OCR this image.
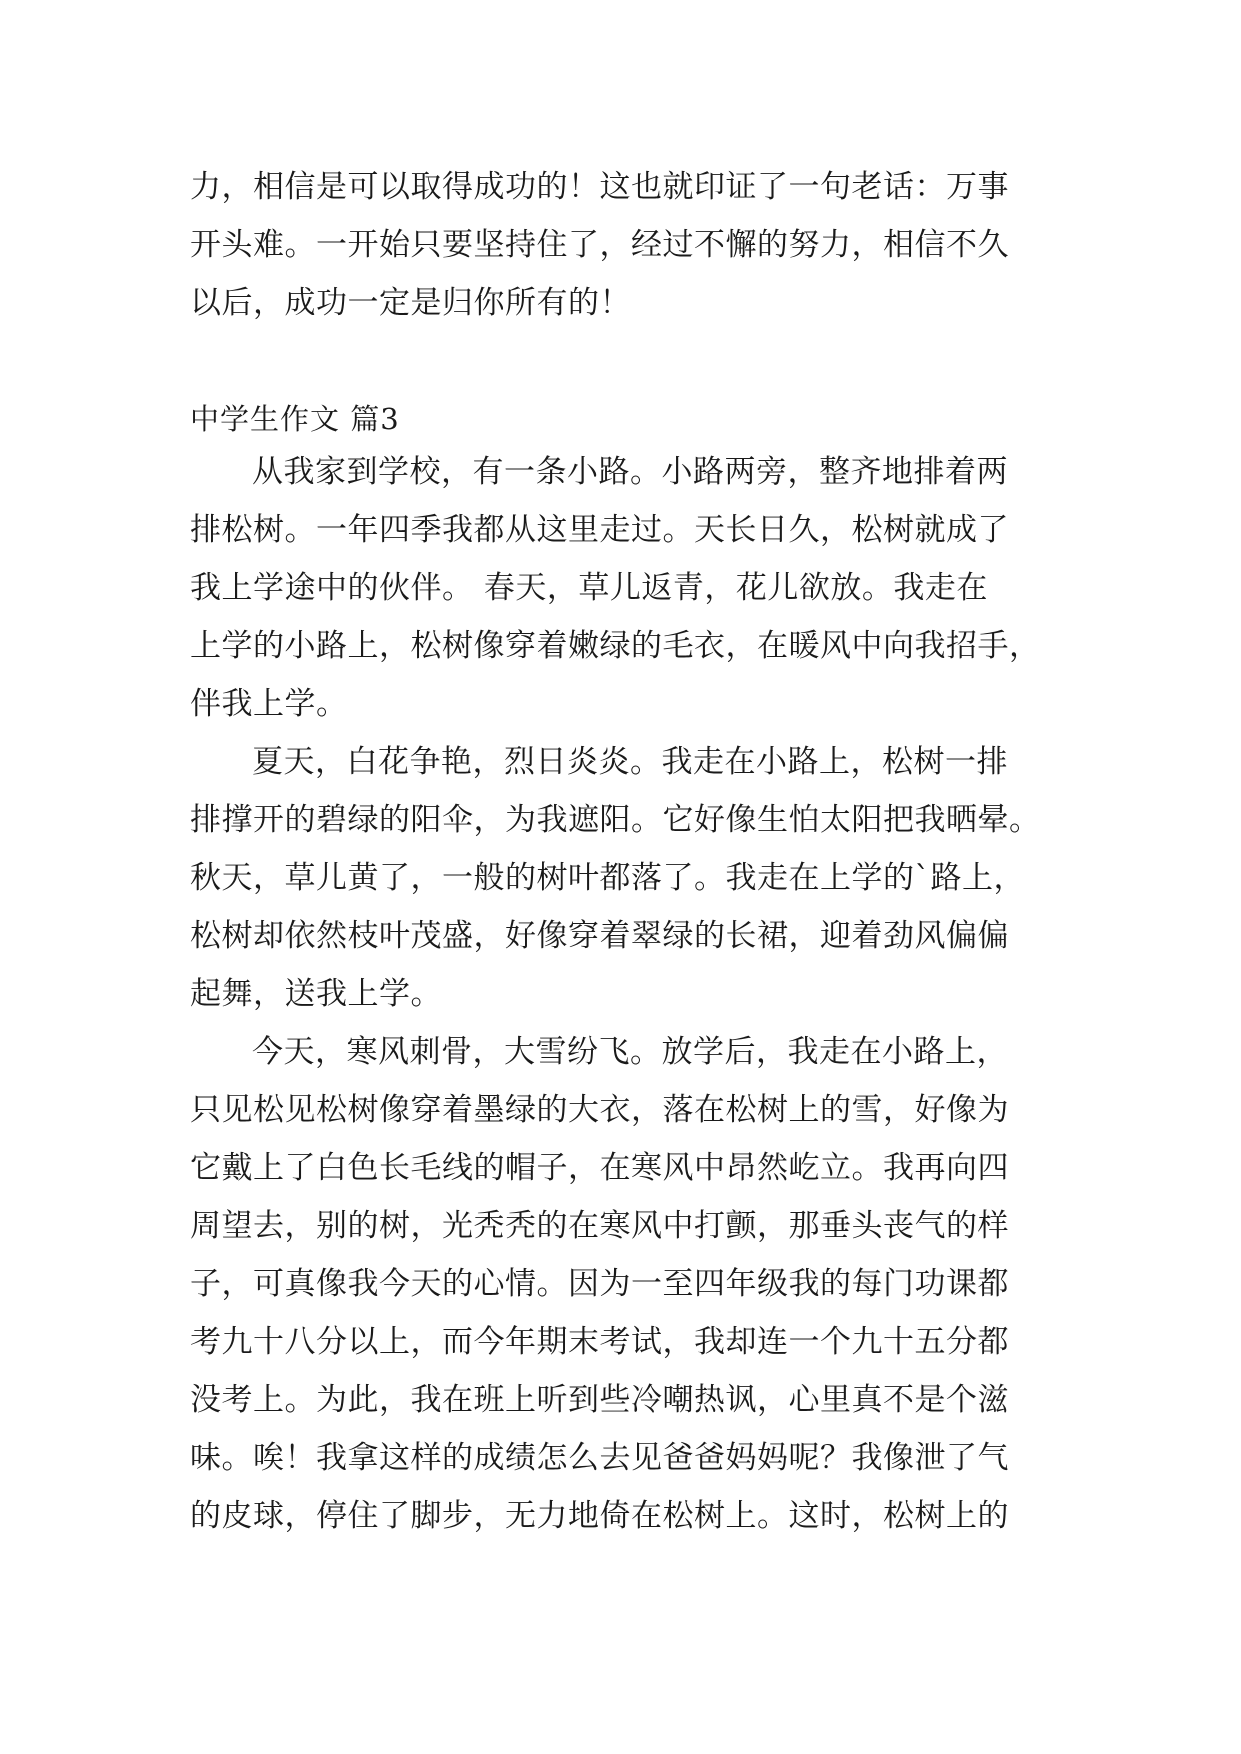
力，相信是可以取得成功的！这也就印证了一句老话：万事
开头难。一开始只要坚持住了，经过不懈的努力，相信不久
以后，成功一定是归你所有的！
中学生作文 篇3
从我家到学校，有一条小路。小路两旁，整齐地排着两
排松树。一年四季我都从这里走过。天长日久，松树就成了
我上学途中的伙伴。 春天，草儿返青，花儿欲放。我走在
上学的小路上，松树像穿着嫩绿的毛衣，在暖风中向我招手，
伴我上学。
夏天，白花争艳，烈日炎炎。我走在小路上，松树一排
排撑开的碧绿的阳伞，为我遮阳。它好像生怕太阳把我晒晕。
秋天，草儿黄了，一般的树叶都落了。我走在上学的`路上，
松树却依然枝叶茂盛，好像穿着翠绿的长裙，迎着劲风偏偏
起舞，送我上学。
今天，寒风刺骨，大雪纷飞。放学后，我走在小路上，
只见松见松树像穿着墨绿的大衣，落在松树上的雪，好像为
它戴上了白色长毛线的帽子，在寒风中昂然屹立。我再向四
周望去，别的树，光秃秃的在寒风中打颤，那垂头丧气的样
子，可真像我今天的心情。因为一至四年级我的每门功课都
考九十八分以上，而今年期末考试，我却连一个九十五分都
没考上。为此，我在班上听到些冷嘲热讽，心里真不是个滋
味。唉！我拿这样的成绩怎么去见爸爸妈妈呢？我像泄了气
的皮球，停住了脚步，无力地倚在松树上。这时，松树上的
